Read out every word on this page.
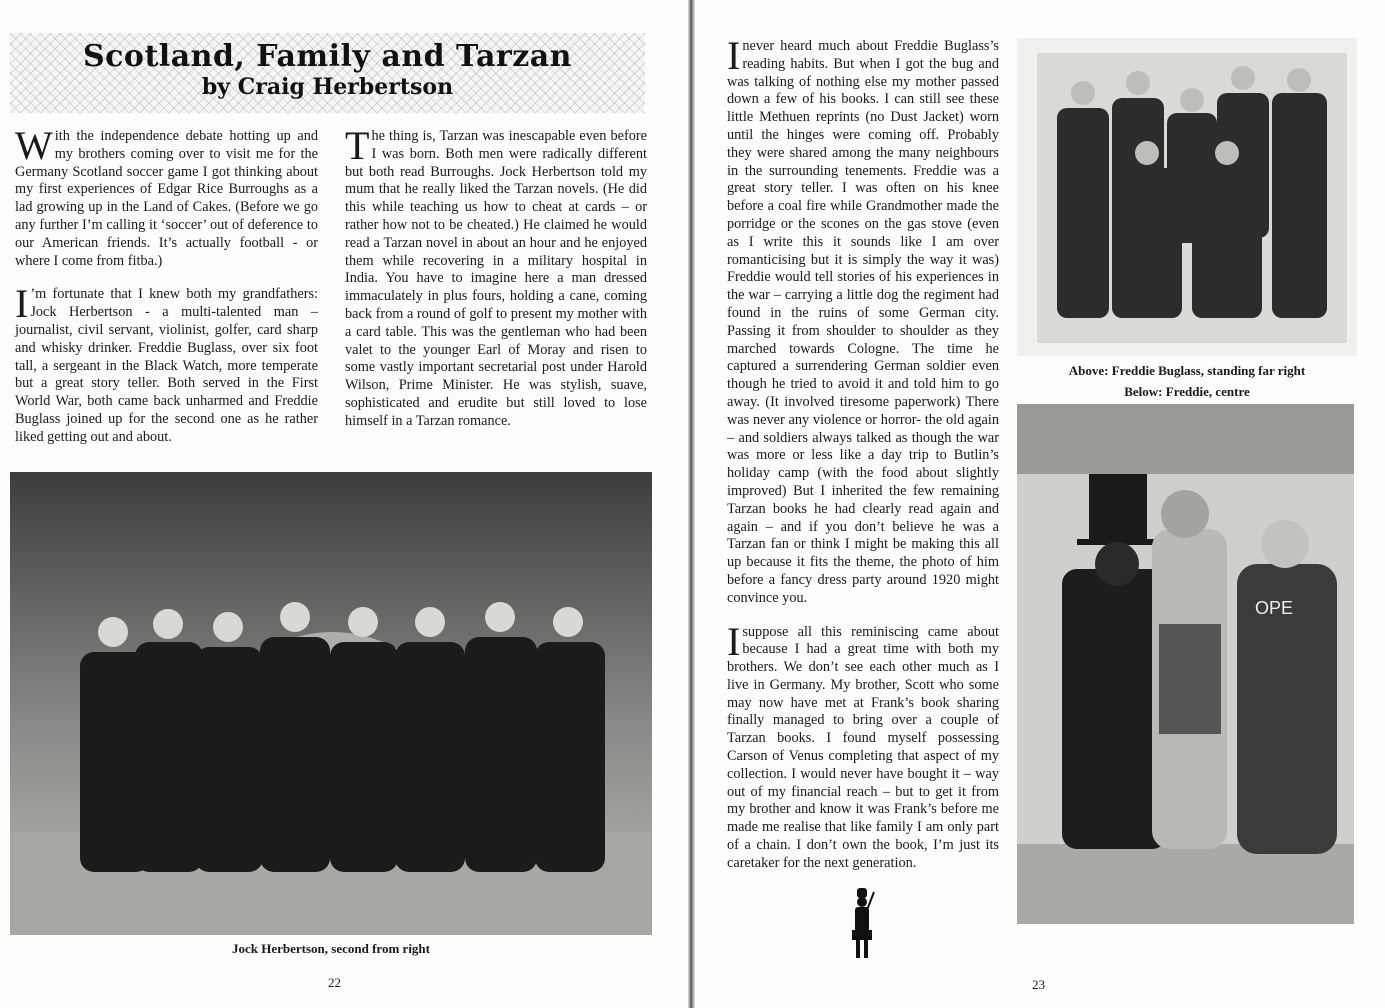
Scotland, Family and Tarzan
by Craig Herbertson

With the independence debate hotting up and my brothers coming over to visit me for the Germany Scotland soccer game I got thinking about my first experiences of Edgar Rice Burroughs as a lad growing up in the Land of Cakes. (Before we go any further I’m calling it ‘soccer’ out of deference to our American friends. It’s actually football - or where I come from fitba.)

I ’m fortunate that I knew both my grandfathers: Jock Herbertson - a multi-talented man – journalist, civil servant, violinist, golfer, card sharp and whisky drinker. Freddie Buglass, over six foot tall, a sergeant in the Black Watch, more temperate but a great story teller. Both served in the First World War, both came back unharmed and Freddie Buglass joined up for the second one as he rather liked getting out and about.

The thing is, Tarzan was inescapable even before I was born. Both men were radically different but both read Burroughs. Jock Herbertson told my mum that he really liked the Tarzan novels. (He did this while teaching us how to cheat at cards – or rather how not to be cheated.) He claimed he would read a Tarzan novel in about an hour and he enjoyed them while recovering in a military hospital in India. You have to imagine here a man dressed immaculately in plus fours, holding a cane, coming back from a round of golf to present my mother with a card table. This was the gentleman who had been valet to the younger Earl of Moray and risen to some vastly important secretarial post under Harold Wilson, Prime Minister. He was stylish, suave, sophisticated and erudite but still loved to lose himself in a Tarzan romance.

Jock Herbertson, second from right
22

I never heard much about Freddie Buglass’s reading habits. But when I got the bug and was talking of nothing else my mother passed down a few of his books. I can still see these little Methuen reprints (no Dust Jacket) worn until the hinges were coming off. Probably they were shared among the many neighbours in the surrounding tenements. Freddie was a great story teller. I was often on his knee before a coal fire while Grandmother made the porridge or the scones on the gas stove (even as I write this it sounds like I am over romanticising but it is simply the way it was) Freddie would tell stories of his experiences in the war – carrying a little dog the regiment had found in the ruins of some German city. Passing it from shoulder to shoulder as they marched towards Cologne. The time he captured a surrendering German soldier even though he tried to avoid it and told him to go away. (It involved tiresome paperwork) There was never any violence or horror- the old again – and soldiers always talked as though the war was more or less like a day trip to Butlin’s holiday camp (with the food about slightly improved) But I inherited the few remaining Tarzan books he had clearly read again and again – and if you don’t believe he was a Tarzan fan or think I might be making this all up because it fits the theme, the photo of him before a fancy dress party around 1920 might convince you.

I suppose all this reminiscing came about because I had a great time with both my brothers. We don’t see each other much as I live in Germany. My brother, Scott who some may now have met at Frank’s book sharing finally managed to bring over a couple of Tarzan books. I found myself possessing Carson of Venus completing that aspect of my collection. I would never have bought it – way out of my financial reach – but to get it from my brother and know it was Frank’s before me made me realise that like family I am only part of a chain. I don’t own the book, I’m just its caretaker for the next generation.

Above: Freddie Buglass, standing far right
Below: Freddie, centre
OPE
23
